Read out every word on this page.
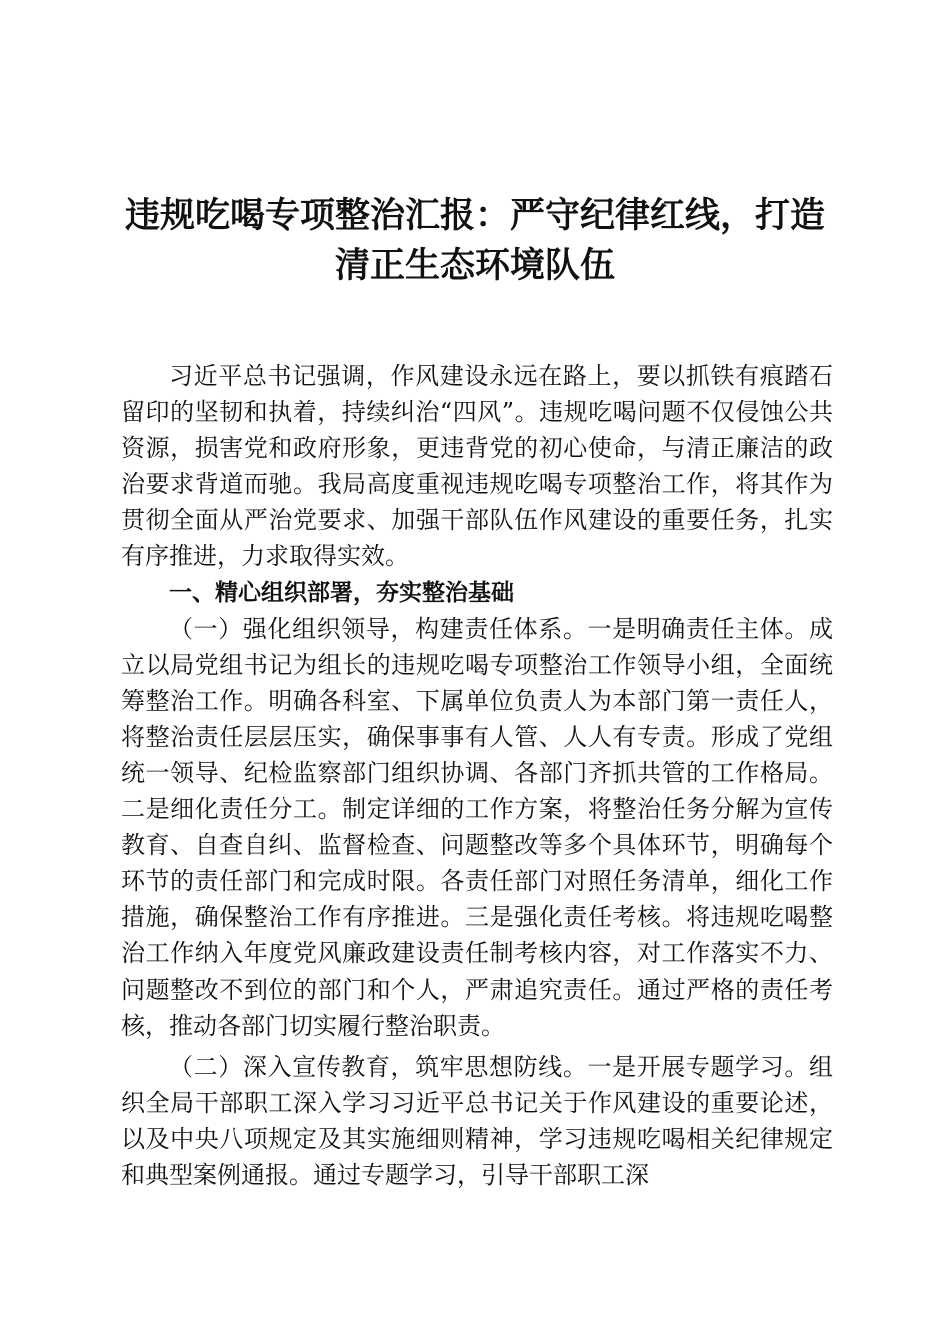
违规吃喝专项整治汇报：严守纪律红线，打造
清正生态环境队伍

习近平总书记强调，作风建设永远在路上，要以抓铁有痕踏石留印的坚韧和执着，持续纠治“四风”。违规吃喝问题不仅侵蚀公共资源，损害党和政府形象，更违背党的初心使命，与清正廉洁的政治要求背道而驰。我局高度重视违规吃喝专项整治工作，将其作为贯彻全面从严治党要求、加强干部队伍作风建设的重要任务，扎实有序推进，力求取得实效。

一、精心组织部署，夯实整治基础

（一）强化组织领导，构建责任体系。一是明确责任主体。成立以局党组书记为组长的违规吃喝专项整治工作领导小组，全面统筹整治工作。明确各科室、下属单位负责人为本部门第一责任人，将整治责任层层压实，确保事事有人管、人人有专责。形成了党组统一领导、纪检监察部门组织协调、各部门齐抓共管的工作格局。二是细化责任分工。制定详细的工作方案，将整治任务分解为宣传教育、自查自纠、监督检查、问题整改等多个具体环节，明确每个环节的责任部门和完成时限。各责任部门对照任务清单，细化工作措施，确保整治工作有序推进。三是强化责任考核。将违规吃喝整治工作纳入年度党风廉政建设责任制考核内容，对工作落实不力、问题整改不到位的部门和个人，严肃追究责任。通过严格的责任考核，推动各部门切实履行整治职责。

（二）深入宣传教育，筑牢思想防线。一是开展专题学习。组织全局干部职工深入学习习近平总书记关于作风建设的重要论述，以及中央八项规定及其实施细则精神，学习违规吃喝相关纪律规定和典型案例通报。通过专题学习，引导干部职工深
